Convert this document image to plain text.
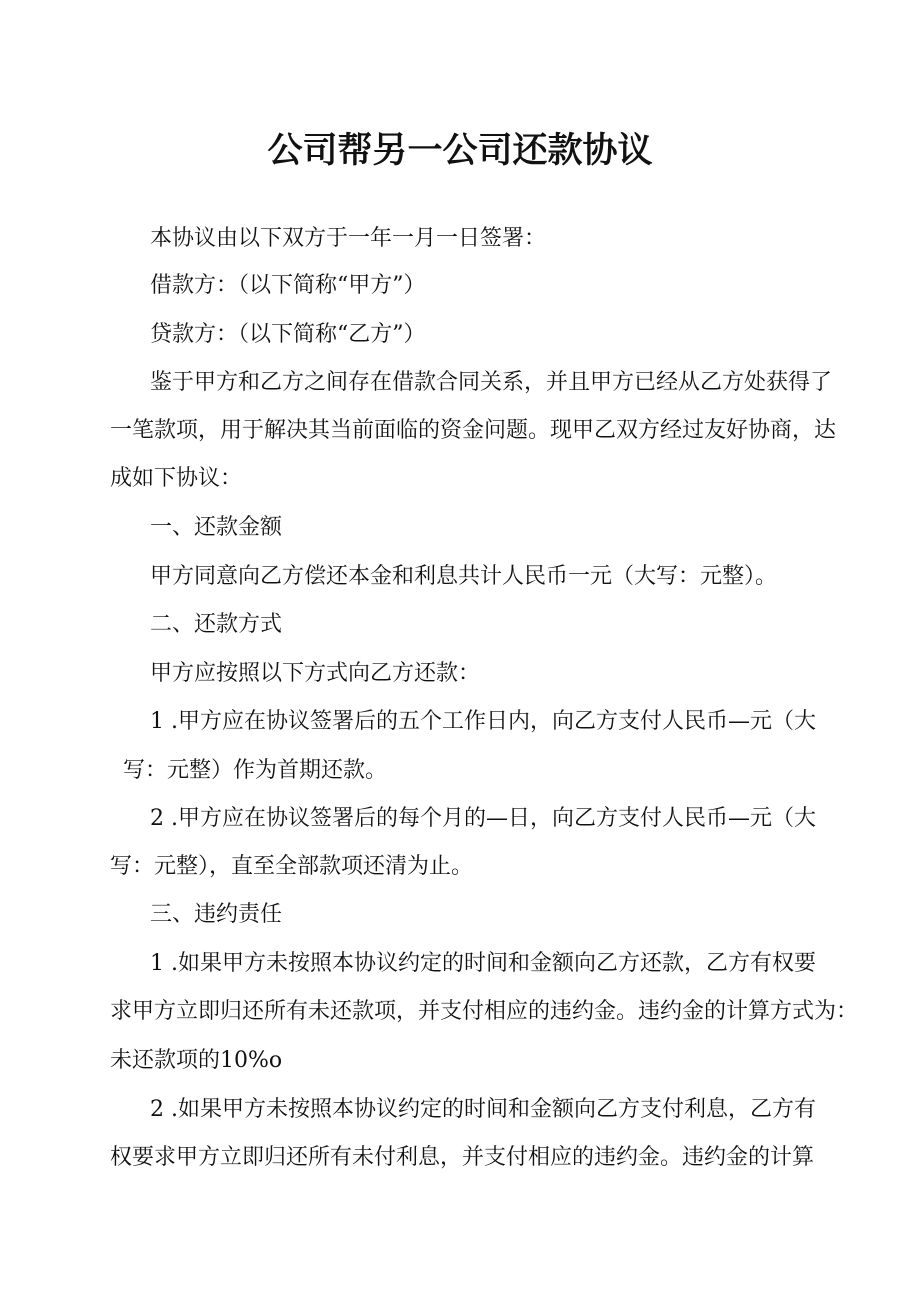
公司帮另一公司还款协议

本协议由以下双方于一年一月一日签署：

借款方：（以下简称“甲方”）

贷款方：（以下简称“乙方”）

鉴于甲方和乙方之间存在借款合同关系，并且甲方已经从乙方处获得了

一笔款项，用于解决其当前面临的资金问题。现甲乙双方经过友好协商，达

成如下协议：

一、还款金额

甲方同意向乙方偿还本金和利息共计人民币一元（大写：元整）。

二、还款方式

甲方应按照以下方式向乙方还款：

1 .甲方应在协议签署后的五个工作日内，向乙方支付人民币—元（大

写：元整）作为首期还款。

2 .甲方应在协议签署后的每个月的—日，向乙方支付人民币—元（大

写：元整），直至全部款项还清为止。

三、违约责任

1 .如果甲方未按照本协议约定的时间和金额向乙方还款，乙方有权要

求甲方立即归还所有未还款项，并支付相应的违约金。违约金的计算方式为：

未还款项的10%o

2 .如果甲方未按照本协议约定的时间和金额向乙方支付利息，乙方有

权要求甲方立即归还所有未付利息，并支付相应的违约金。违约金的计算
